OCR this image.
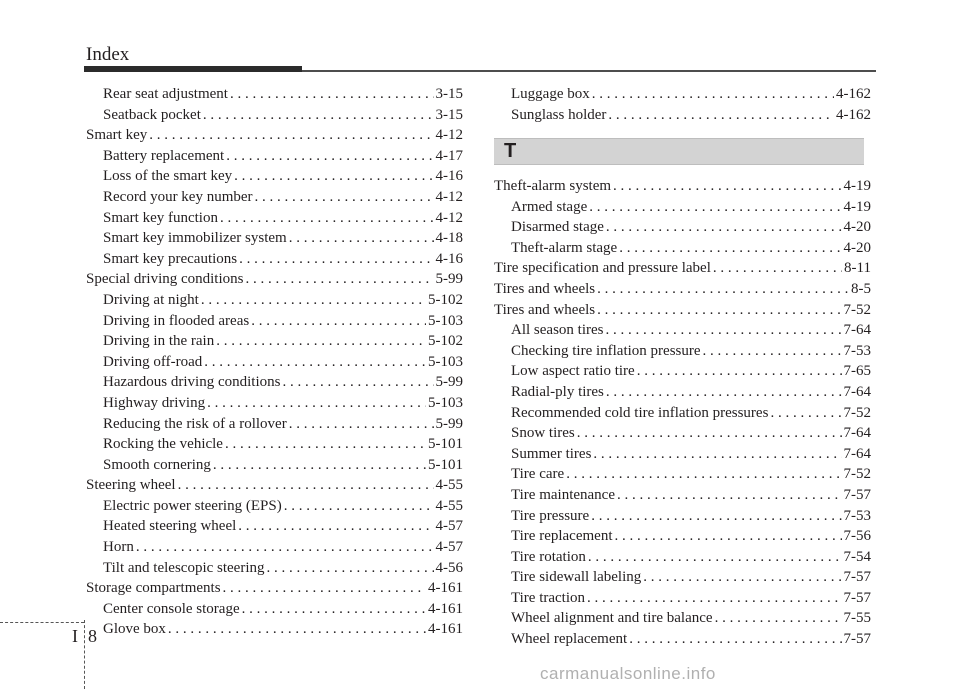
Index
Rear seat adjustment . . .	3-15
Seatback pocket . . .	3-15
Smart key . . .	4-12
Battery replacement . . .	4-17
Loss of the smart key . . .	4-16
Record your key number . . .	4-12
Smart key function . . .	4-12
Smart key immobilizer system . . .	4-18
Smart key precautions . . .	4-16
Special driving conditions . . .	5-99
Driving at night . . .	5-102
Driving in flooded areas . . .	5-103
Driving in the rain . . .	5-102
Driving off-road . . .	5-103
Hazardous driving conditions . . .	5-99
Highway driving . . .	5-103
Reducing the risk of a rollover . . .	5-99
Rocking the vehicle . . .	5-101
Smooth cornering . . .	5-101
Steering wheel . . .	4-55
Electric power steering (EPS) . . .	4-55
Heated steering wheel . . .	4-57
Horn . . .	4-57
Tilt and telescopic steering . . .	4-56
Storage compartments . . .	4-161
Center console storage . . .	4-161
Glove box . . .	4-161
Luggage box . . .	4-162
Sunglass holder . . .	4-162
T
Theft-alarm system . . .	4-19
Armed stage . . .	4-19
Disarmed stage . . .	4-20
Theft-alarm stage . . .	4-20
Tire specification and pressure label . . .	8-11
Tires and wheels . . .	8-5
Tires and wheels . . .	7-52
All season tires . . .	7-64
Checking tire inflation pressure . . .	7-53
Low aspect ratio tire . . .	7-65
Radial-ply tires . . .	7-64
Recommended cold tire inflation pressures . . .	7-52
Snow tires . . .	7-64
Summer tires . . .	7-64
Tire care . . .	7-52
Tire maintenance . . .	7-57
Tire pressure . . .	7-53
Tire replacement . . .	7-56
Tire rotation . . .	7-54
Tire sidewall labeling . . .	7-57
Tire traction . . .	7-57
Wheel alignment and tire balance . . .	7-55
Wheel replacement . . .	7-57
I 8
carmanualsonline.info
